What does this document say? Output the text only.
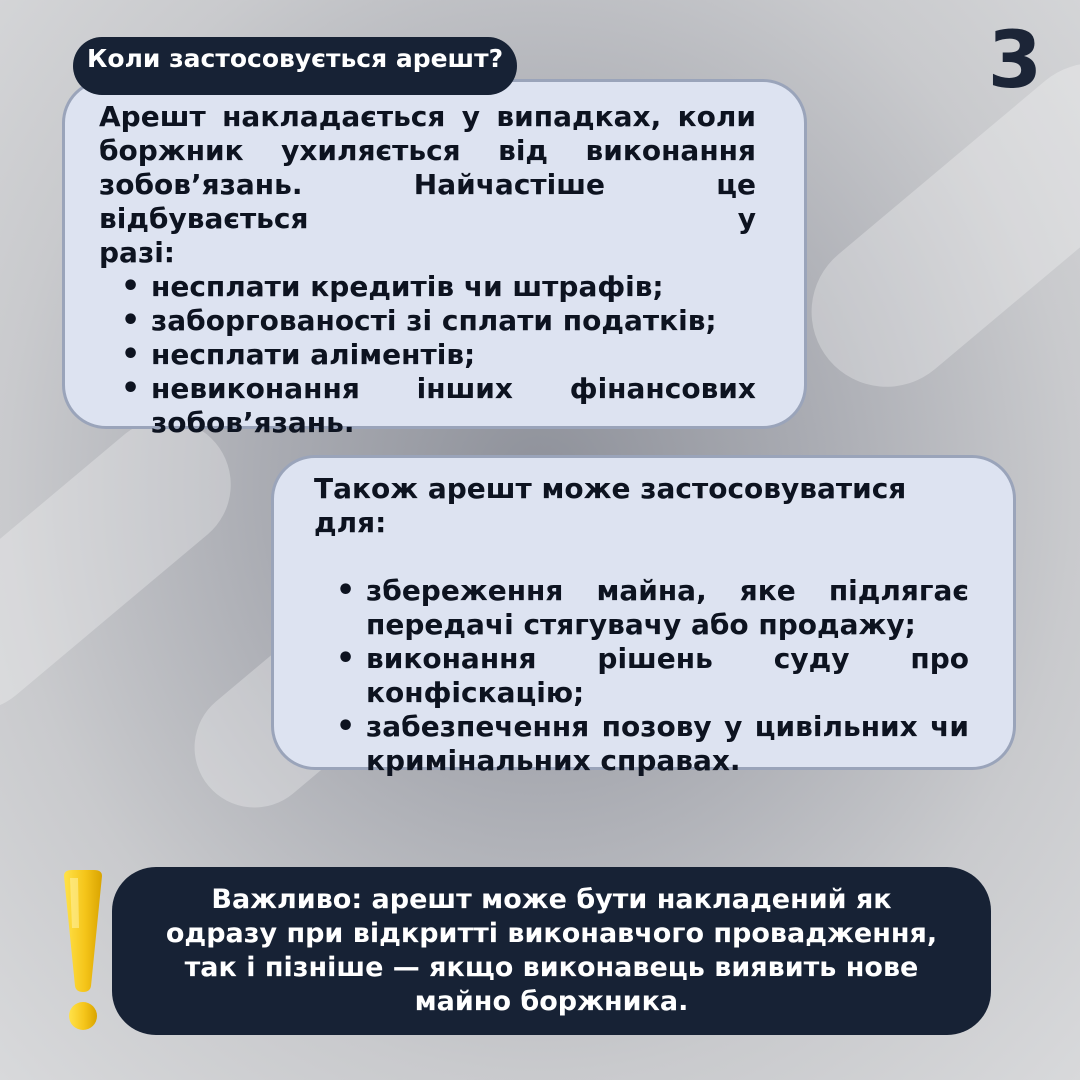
3
Коли застосовується арешт?
Арешт накладається у випадках, коли
боржник ухиляється від виконання
зобов’язань. Найчастіше це відбувається у
разі:
• несплати кредитів чи штрафів;
• заборгованості зі сплати податків;
• несплати аліментів;
• невиконання інших фінансових
зобов’язань.
Також арешт може застосовуватися для:
• збереження майна, яке підлягає
передачі стягувачу або продажу;
• виконання рішень суду про
конфіскацію;
• забезпечення позову у цивільних чи
кримінальних справах.
Важливо: арешт може бути накладений як одразу при відкритті виконавчого провадження, так і пізніше — якщо виконавець виявить нове майно боржника.
